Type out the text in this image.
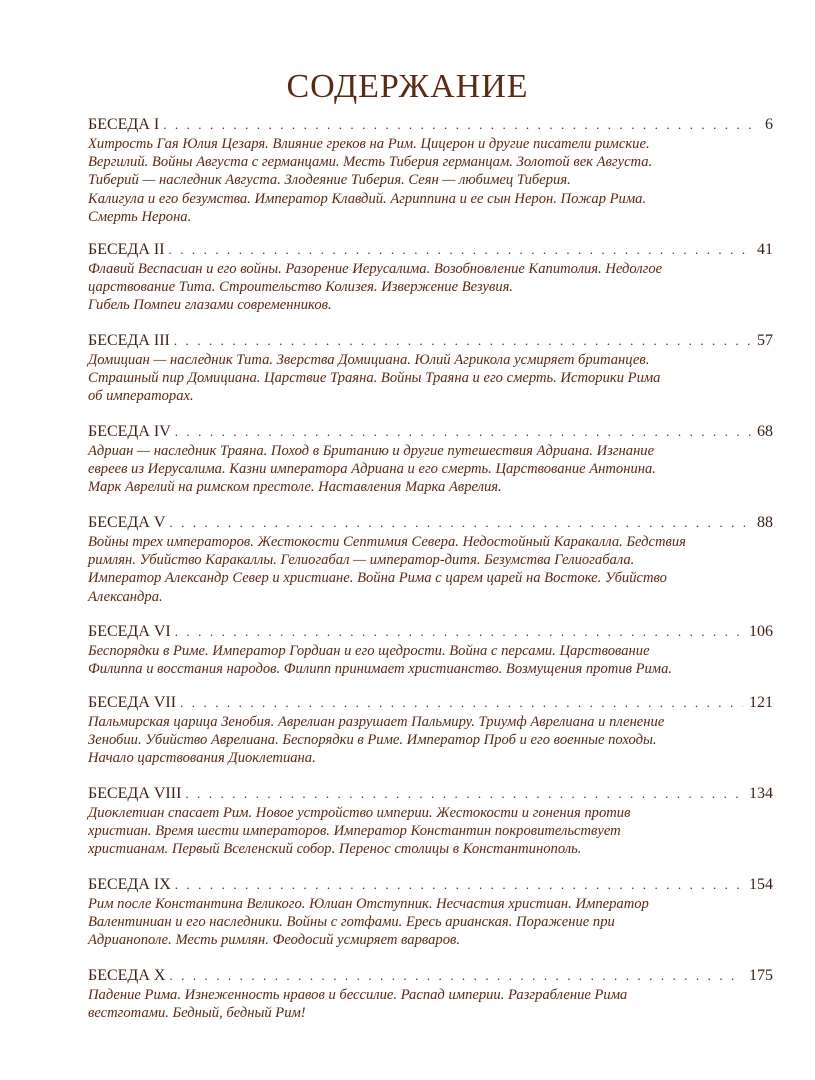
СОДЕРЖАНИЕ
БЕСЕДА I . . .	6

Хитрость Гая Юлия Цезаря. Влияние греков на Рим. Цицерон и другие писатели римские.
Вергилий. Войны Августа с германцами. Месть Тиберия германцам. Золотой век Августа.
Тиберий — наследник Августа. Злодеяние Тиберия. Сеян — любимец Тиберия.
Калигула и его безумства. Император Клавдий. Агриппина и ее сын Нерон. Пожар Рима.
Смерть Нерона.

БЕСЕДА II . . .	41

Флавий Веспасиан и его войны. Разорение Иерусалима. Возобновление Капитолия. Недолгое
царствование Тита. Строительство Колизея. Извержение Везувия.
Гибель Помпеи глазами современников.

БЕСЕДА III . . .	57

Домициан — наследник Тита. Зверства Домициана. Юлий Агрикола усмиряет британцев.
Страшный пир Домициана. Царствие Траяна. Войны Траяна и его смерть. Историки Рима
об императорах.

БЕСЕДА IV . . .	68

Адриан — наследник Траяна. Поход в Британию и другие путешествия Адриана. Изгнание
евреев из Иерусалима. Казни императора Адриана и его смерть. Царствование Антонина.
Марк Аврелий на римском престоле. Наставления Марка Аврелия.

БЕСЕДА V . . .	88

Войны трех императоров. Жестокости Септимия Севера. Недостойный Каракалла. Бедствия
римлян. Убийство Каракаллы. Гелиогабал — император-дитя. Безумства Гелиогабала.
Император Александр Север и христиане. Война Рима с царем царей на Востоке. Убийство
Александра.

БЕСЕДА VI . . .	106

Беспорядки в Риме. Император Гордиан и его щедрости. Война с персами. Царствование
Филиппа и восстания народов. Филипп принимает христианство. Возмущения против Рима.

БЕСЕДА VII . . .	121

Пальмирская царица Зенобия. Аврелиан разрушает Пальмиру. Триумф Аврелиана и пленение
Зенобии. Убийство Аврелиана. Беспорядки в Риме. Император Проб и его военные походы.
Начало царствования Диоклетиана.

БЕСЕДА VIII . . .	134

Диоклетиан спасает Рим. Новое устройство империи. Жестокости и гонения против
христиан. Время шести императоров. Император Константин покровительствует
христианам. Первый Вселенский собор. Перенос столицы в Константинополь.

БЕСЕДА IX . . .	154

Рим после Константина Великого. Юлиан Отступник. Несчастия христиан. Император
Валентиниан и его наследники. Войны с готфами. Ересь арианская. Поражение при
Адрианополе. Месть римлян. Феодосий усмиряет варваров.

БЕСЕДА X . . .	175

Падение Рима. Изнеженность нравов и бессилие. Распад империи. Разграбление Рима
вестготами. Бедный, бедный Рим!
